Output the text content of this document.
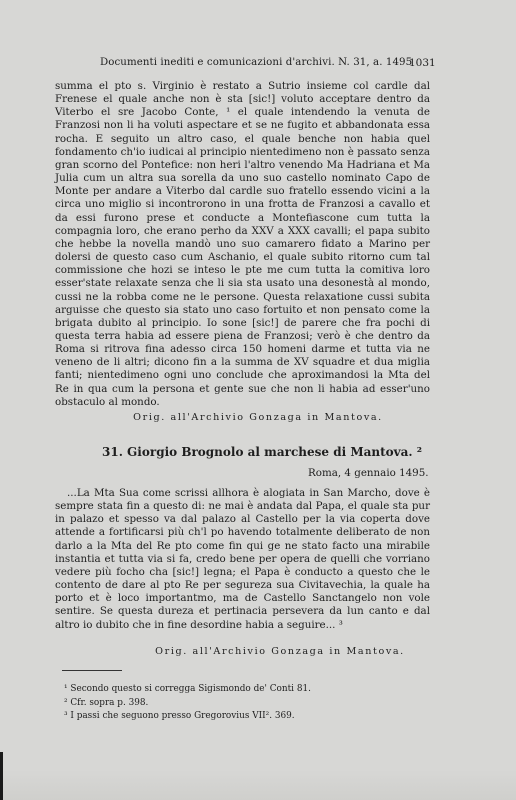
Documenti inediti e comunicazioni d'archivi. N. 31, a. 1495
1031

summa el pto s. Virginio è restato a Sutrio insieme col cardle dal Frenese el quale anche non è sta [sic!] voluto acceptare dentro da Viterbo el sre Jacobo Conte, ¹ el quale intendendo la venuta de Franzosi non li ha voluti aspectare et se ne fugito et abbandonata essa rocha. E seguito un altro caso, el quale benche non habia quel fondamento ch'io iudicai al principio nientedimeno non è passato senza gran scorno del Pontefice: non heri l'altro venendo Ma Hadriana et Ma Julia cum un altra sua sorella da uno suo castello nominato Capo de Monte per andare a Viterbo dal cardle suo fratello essendo vicini a la circa uno miglio si incontrorono in una frotta de Franzosi a cavallo et da essi furono prese et conducte a Montefiascone cum tutta la compagnia loro, che erano perho da XXV a XXX cavalli; el papa subito che hebbe la novella mandò uno suo camarero fidato a Marino per dolersi de questo caso cum Aschanio, el quale subito ritorno cum tal commissione che hozi se inteso le pte me cum tutta la comitiva loro esser'state relaxate senza che li sia sta usato una desonestà al mondo, cussi ne la robba come ne le persone. Questa relaxatione cussi subita arguisse che questo sia stato uno caso fortuito et non pensato come la brigata dubito al principio. Io sone [sic!] de parere che fra pochi di questa terra habia ad essere piena de Franzosi; verò è che dentro da Roma si ritrova fina adesso circa 150 homeni darme et tutta via ne veneno de li altri; dicono fin a la summa de XV squadre et dua miglia fanti; nientedimeno ogni uno conclude che aproximandosi la Mta del Re in qua cum la persona et gente sue che non li habia ad esser'uno obstaculo al mondo.

Orig. all'Archivio Gonzaga in Mantova.
31. Giorgio Brognolo al marchese di Mantova. ²
Roma, 4 gennaio 1495.

...La Mta Sua come scrissi allhora è alogiata in San Marcho, dove è sempre stata fin a questo di: ne mai è andata dal Papa, el quale sta pur in palazo et spesso va dal palazo al Castello per la via coperta dove attende a fortificarsi più ch'l po havendo totalmente deliberato de non darlo a la Mta del Re pto come fin qui ge ne stato facto una mirabile instantia et tutta via si fa, credo bene per opera de quelli che vorriano vedere più focho cha [sic!] legna; el Papa è conducto a questo che le contento de dare al pto Re per segureza sua Civitavechia, la quale ha porto et è loco importantmo, ma de Castello Sanctangelo non vole sentire. Se questa dureza et pertinacia persevera da lun canto e dal altro io dubito che in fine desordine habia a seguire... ³

Orig. all'Archivio Gonzaga in Mantova.

¹ Secondo questo si corregga Sigismondo de' Conti 81.

² Cfr. sopra p. 398.

³ I passi che seguono presso Gregorovius VII². 369.
